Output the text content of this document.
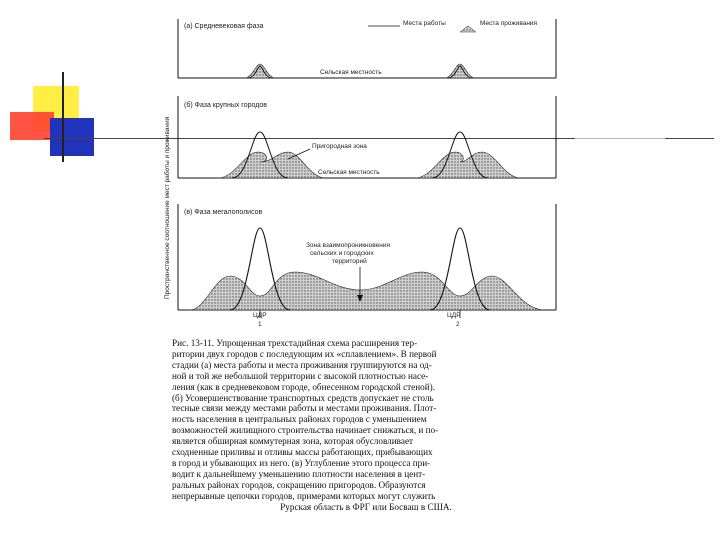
Пространственное соотношение мест работы и проживания
(а) Средневековая фаза	Места работы	Места проживания
Сельская местность
(б) Фаза крупных городов
Пригородная зона
Сельская местность
(в) Фаза мегалополисов
Зона взаимопроникновения
сельских и городских
территорий
ЦДР
1
ЦДР
2
Рис. 13-11. Упрощенная трехстадийная схема расширения тер-
ритории двух городов с последующим их «сплавлением». В первой
стадии (а) места работы и места проживания группируются на од-
ной и той же небольшой территории с высокой плотностью насе-
ления (как в средневековом городе, обнесенном городской стеной).
(б) Усовершенствование транспортных средств допускает не столь
тесные связи между местами работы и местами проживания. Плот-
ность населения в центральных районах городов с уменьшением
возможностей жилищного строительства начинает снижаться, и по-
является обширная коммутерная зона, которая обусловливает
сходненные приливы и отливы массы работающих, прибывающих
в город и убывающих из него. (в) Углубление этого процесса при-
водит к дальнейшему уменьшению плотности населения в цент-
ральных районах городов, сокращению пригородов. Образуются
непрерывные цепочки городов, примерами которых могут служить
Рурская область в ФРГ или Босваш в США.
